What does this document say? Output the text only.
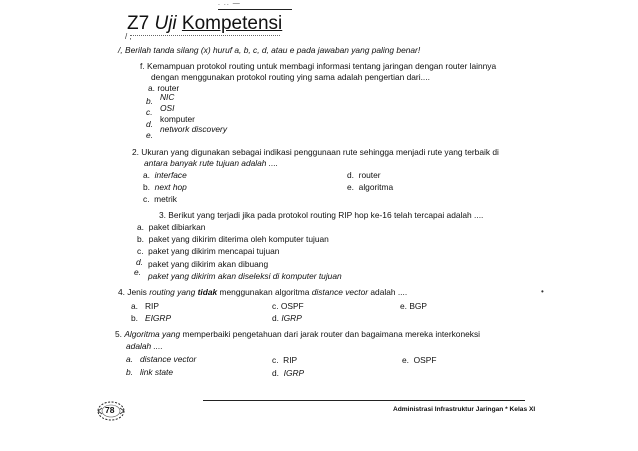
. .. —
Z7 Uji Kompetensi
/ ,
/, Berilah tanda silang (x) huruf a, b, c, d, atau e pada jawaban yang paling benar!
f. Kemampuan protokol routing untuk membagi informasi tentang jaringan dengan router lainnya
dengan menggunakan protokol routing ying sama adalah pengertian dari....
a. router
b. NIC
c. OSI
d. komputer
e.
network discovery
2. Ukuran yang digunakan sebagai indikasi penggunaan rute sehingga menjadi rute yang terbaik di
antara banyak rute tujuan adalah ....
a. interface
b. next hop
c. metrik
d. router
e. algoritma
3. Berikut yang terjadi jika pada protokol routing RIP hop ke-16 telah tercapai adalah ....
a. paket dibiarkan
b. paket yang dikirim diterima oleh komputer tujuan
c. paket yang dikirim mencapai tujuan
d. paket yang dikirim akan dibuang
e. paket yang dikirim akan diseleksi di komputer tujuan
4. Jenis routing yang tidak menggunakan algoritma distance vector adalah ....	•
a. RIP
b. EIGRP
c. OSPF
d. IGRP
e. BGP
5. Algoritma yang memperbaiki pengetahuan dari jarak router dan bagaimana mereka interkoneksi
adalah ....
a. distance vector
b. link state
c. RIP
d. IGRP
e. OSPF
78	Administrasi Infrastruktur Jaringan * Kelas XI
